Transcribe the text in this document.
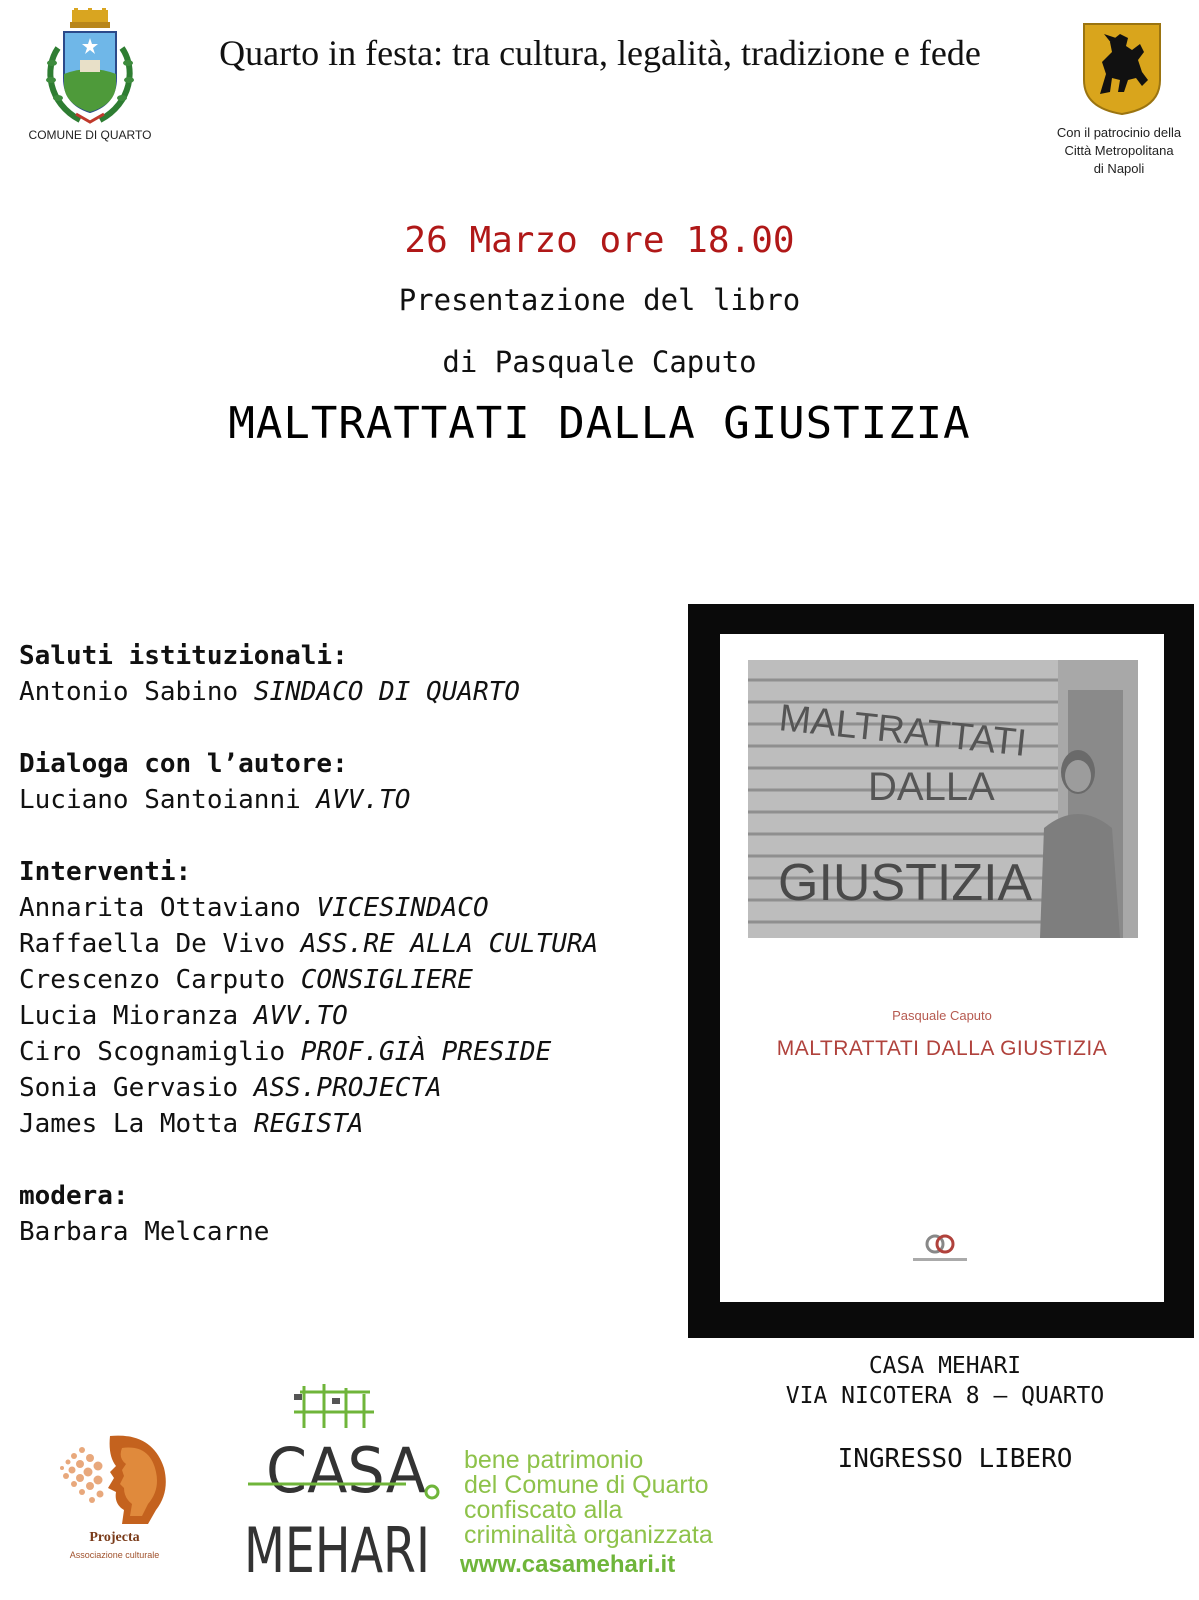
COMUNE DI QUARTO
Quarto in festa: tra cultura, legalità, tradizione e fede
Con il patrocinio della
Città Metropolitana
di Napoli
26 Marzo ore 18.00
Presentazione del libro
di Pasquale Caputo
MALTRATTATI DALLA GIUSTIZIA
Saluti istituzionali:
Antonio Sabino SINDACO DI QUARTO
Dialoga con l’autore:
Luciano Santoianni AVV.TO
Interventi:
Annarita Ottaviano VICESINDACO
Raffaella De Vivo ASS.RE ALLA CULTURA
Crescenzo Carputo CONSIGLIERE
Lucia Mioranza AVV.TO
Ciro Scognamiglio PROF.GIÀ PRESIDE
Sonia Gervasio ASS.PROJECTA
James La Motta REGISTA
modera:
Barbara Melcarne
MALTRATTATI
DALLA
GIUSTIZIA
Pasquale Caputo
MALTRATTATI DALLA GIUSTIZIA
CASA MEHARI
VIA NICOTERA 8 – QUARTO
INGRESSO LIBERO
Projecta
Associazione culturale
CASA
MEHARI
bene patrimonio
del Comune di Quarto
confiscato alla
criminalità organizzata
www.casamehari.it
